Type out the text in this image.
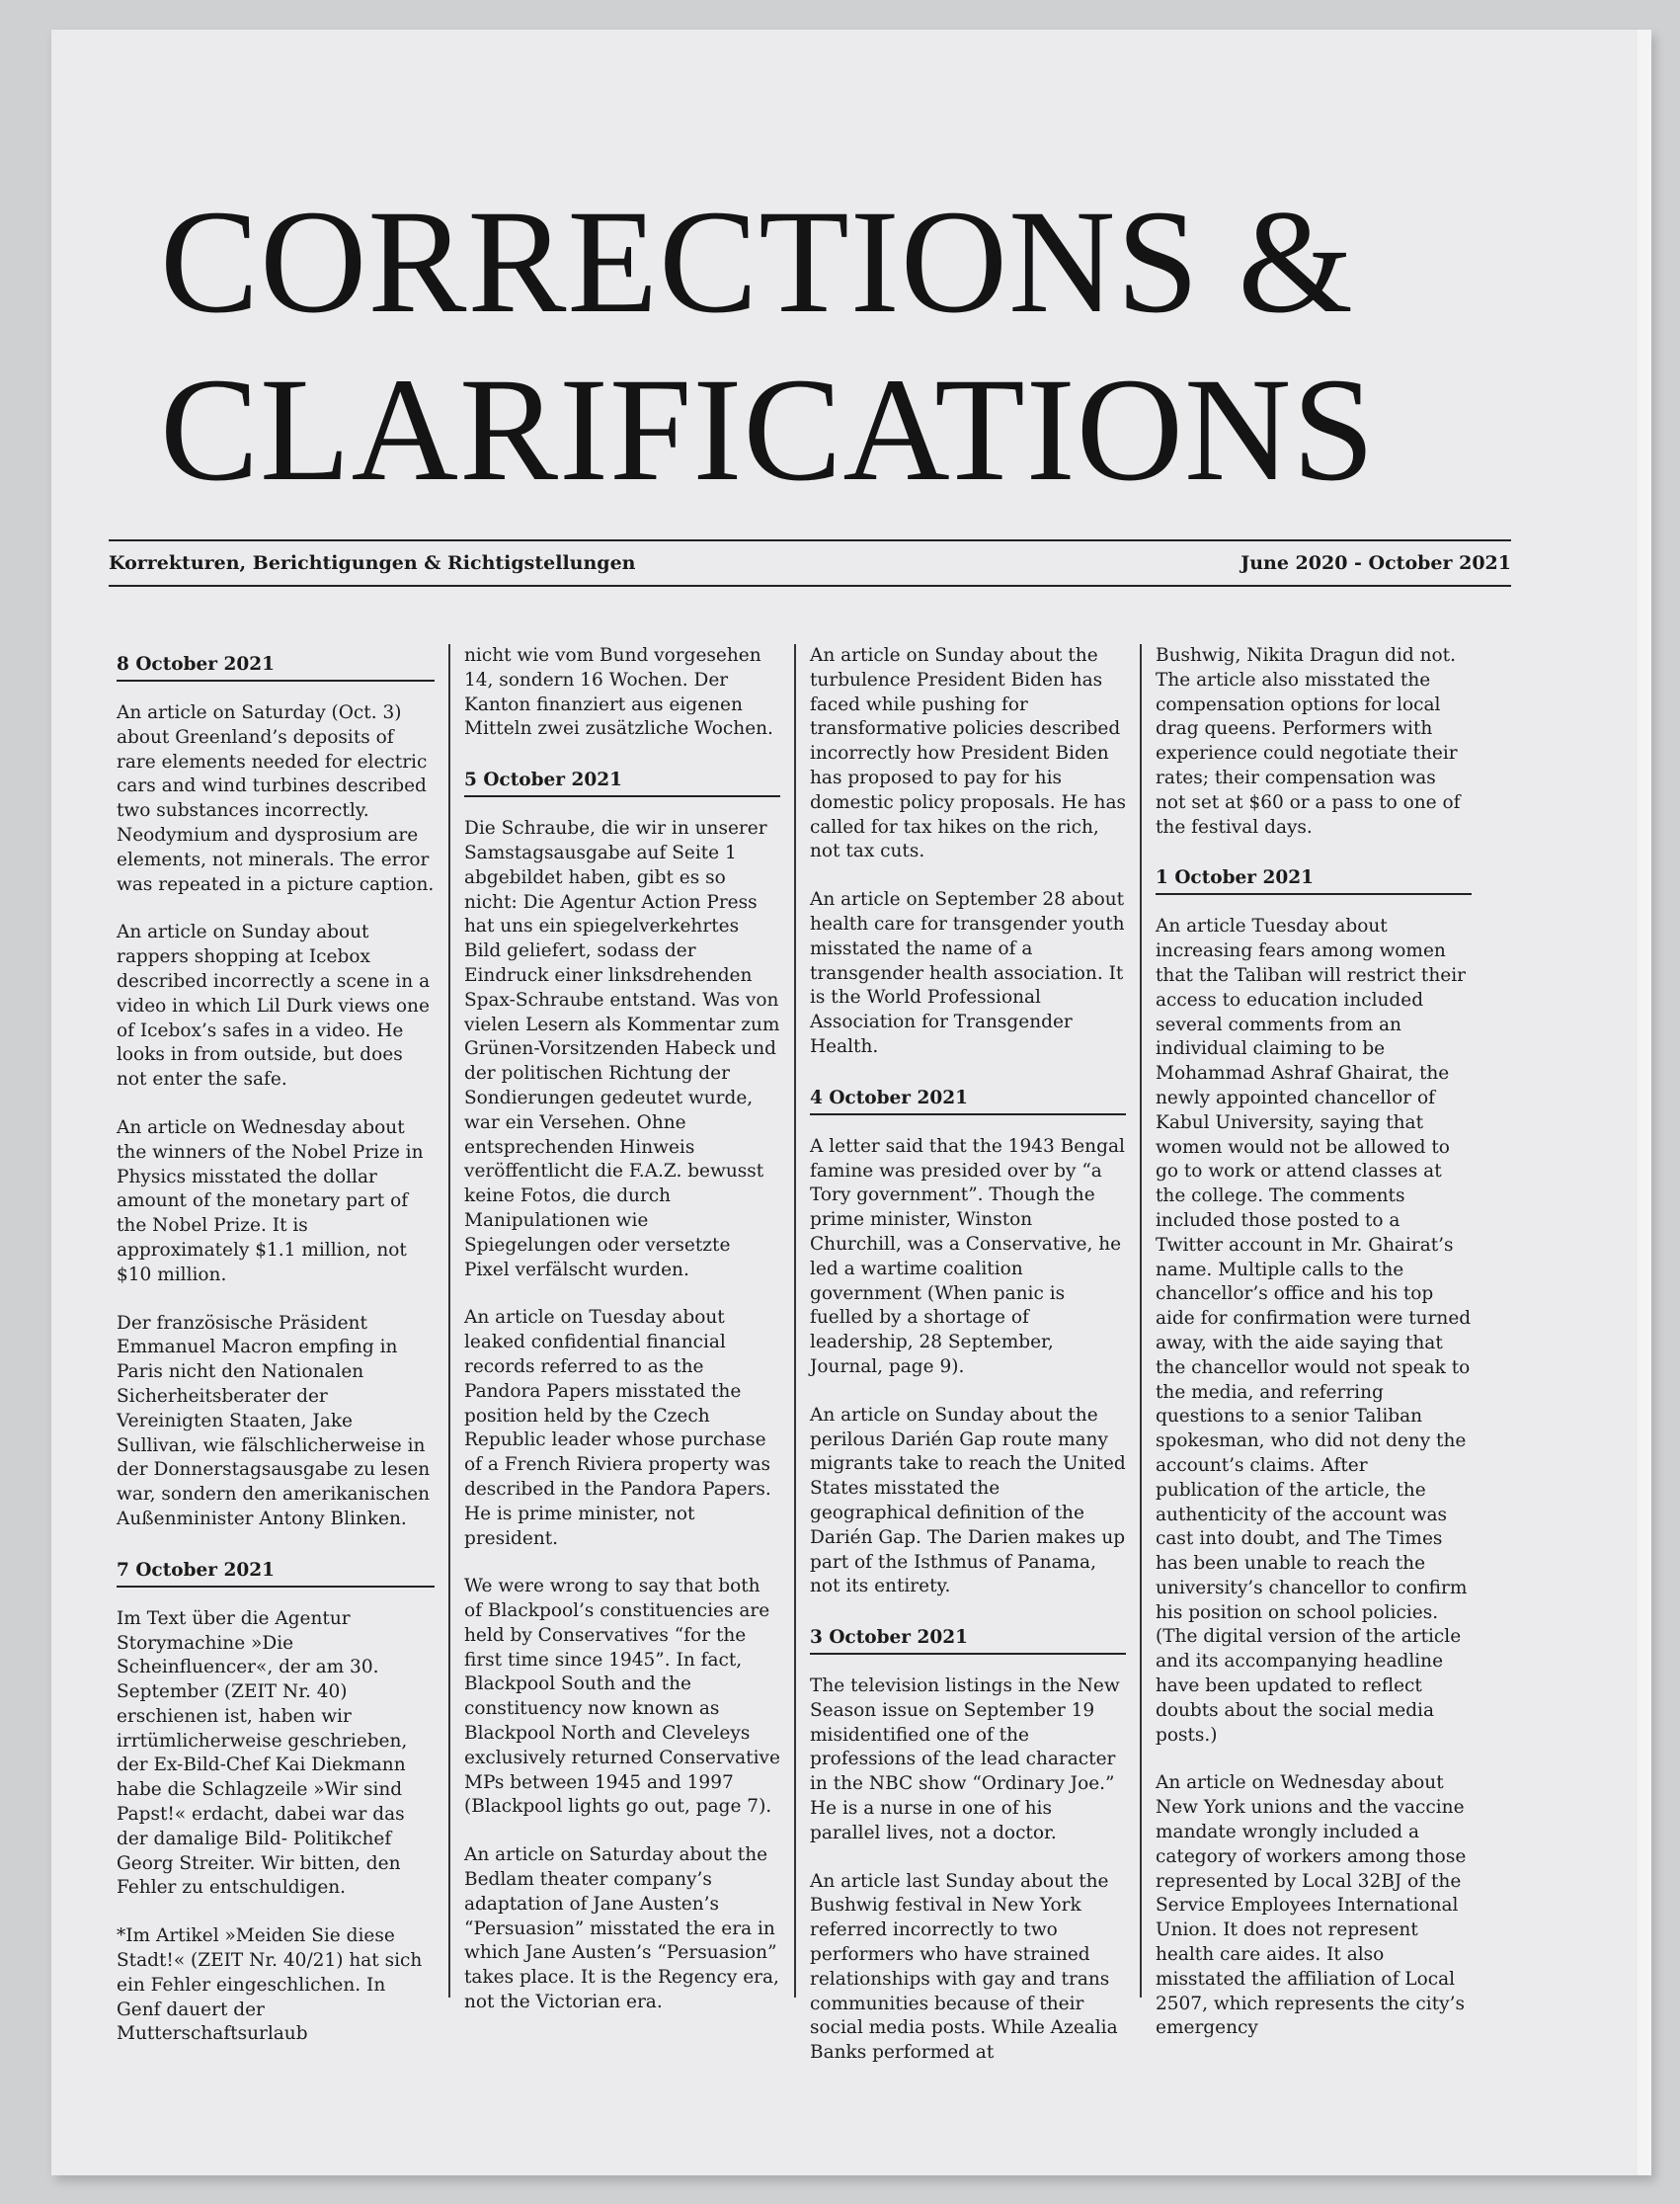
CORRECTIONS &
CLARIFICATIONS
Korrekturen, Berichtigungen & Richtigstellungen	June 2020 - October 2021
8 October 2021
An article on Saturday (Oct. 3) about Greenland’s deposits of rare elements needed for electric cars and wind turbines described two substances incorrectly. Neodymium and dysprosium are elements, not minerals. The error was repeated in a picture caption.
An article on Sunday about rappers shopping at Icebox described incorrectly a scene in a video in which Lil Durk views one of Icebox’s safes in a video. He looks in from outside, but does not enter the safe.
An article on Wednesday about the winners of the Nobel Prize in Physics misstated the dollar amount of the monetary part of the Nobel Prize. It is approximately $1.1 million, not $10 million.
Der französische Präsident Emmanuel Macron empfing in Paris nicht den Nationalen Sicherheitsberater der Vereinigten Staaten, Jake Sullivan, wie fälschlicherweise in der Donnerstagsausgabe zu lesen war, sondern den amerikanischen Außenminister Antony Blinken.
7 October 2021
Im Text über die Agentur Storymachine »Die Scheinfluencer«, der am 30. September (ZEIT Nr. 40) erschienen ist, haben wir irrtümlicherweise geschrieben, der Ex-Bild-Chef Kai Diekmann habe die Schlagzeile »Wir sind Papst!« erdacht, dabei war das der damalige Bild- Politikchef Georg Streiter. Wir bitten, den Fehler zu entschuldigen.
*Im Artikel »Meiden Sie diese Stadt!« (ZEIT Nr. 40/21) hat sich ein Fehler eingeschlichen. In Genf dauert der Mutterschaftsurlaub
nicht wie vom Bund vorgesehen 14, sondern 16 Wochen. Der Kanton finanziert aus eigenen Mitteln zwei zusätzliche Wochen.
5 October 2021
Die Schraube, die wir in unserer Samstagsausgabe auf Seite 1 abgebildet haben, gibt es so nicht: Die Agentur Action Press hat uns ein spiegelverkehrtes Bild geliefert, sodass der Eindruck einer linksdrehenden Spax-Schraube entstand. Was von vielen Lesern als Kommentar zum Grünen-Vorsitzenden Habeck und der politischen Richtung der Sondierungen gedeutet wurde, war ein Versehen. Ohne entsprechenden Hinweis veröffentlicht die F.A.Z. bewusst keine Fotos, die durch Manipulationen wie Spiegelungen oder versetzte Pixel verfälscht wurden.
An article on Tuesday about leaked confidential financial records referred to as the Pandora Papers misstated the position held by the Czech Republic leader whose purchase of a French Riviera property was described in the Pandora Papers. He is prime minister, not president.
We were wrong to say that both of Blackpool’s constituencies are held by Conservatives “for the first time since 1945”. In fact, Blackpool South and the constituency now known as Blackpool North and Cleveleys exclusively returned Conservative MPs between 1945 and 1997 (Blackpool lights go out, page 7).
An article on Saturday about the Bedlam theater company’s adaptation of Jane Austen’s “Persuasion” misstated the era in which Jane Austen’s “Persuasion” takes place. It is the Regency era, not the Victorian era.
An article on Sunday about the turbulence President Biden has faced while pushing for transformative policies described incorrectly how President Biden has proposed to pay for his domestic policy proposals. He has called for tax hikes on the rich, not tax cuts.
An article on September 28 about health care for transgender youth misstated the name of a transgender health association. It is the World Professional Association for Transgender Health.
4 October 2021
A letter said that the 1943 Bengal famine was presided over by “a Tory government”. Though the prime minister, Winston Churchill, was a Conservative, he led a wartime coalition government (When panic is fuelled by a shortage of leadership, 28 September, Journal, page 9).
An article on Sunday about the perilous Darién Gap route many migrants take to reach the United States misstated the geographical definition of the Darién Gap. The Darien makes up part of the Isthmus of Panama, not its entirety.
3 October 2021
The television listings in the New Season issue on September 19 misidentified one of the professions of the lead character in the NBC show “Ordinary Joe.” He is a nurse in one of his parallel lives, not a doctor.
An article last Sunday about the Bushwig festival in New York referred incorrectly to two performers who have strained relationships with gay and trans communities because of their social media posts. While Azealia Banks performed at
Bushwig, Nikita Dragun did not. The article also misstated the compensation options for local drag queens. Performers with experience could negotiate their rates; their compensation was not set at $60 or a pass to one of the festival days.
1 October 2021
An article Tuesday about increasing fears among women that the Taliban will restrict their access to education included several comments from an individual claiming to be Mohammad Ashraf Ghairat, the newly appointed chancellor of Kabul University, saying that women would not be allowed to go to work or attend classes at the college. The comments included those posted to a Twitter account in Mr. Ghairat’s name. Multiple calls to the chancellor’s office and his top aide for confirmation were turned away, with the aide saying that the chancellor would not speak to the media, and referring questions to a senior Taliban spokesman, who did not deny the account’s claims. After publication of the article, the authenticity of the account was cast into doubt, and The Times has been unable to reach the university’s chancellor to confirm his position on school policies. (The digital version of the article and its accompanying headline have been updated to reflect doubts about the social media posts.)
An article on Wednesday about New York unions and the vaccine mandate wrongly included a category of workers among those represented by Local 32BJ of the Service Employees International Union. It does not represent health care aides. It also misstated the affiliation of Local 2507, which represents the city’s emergency
